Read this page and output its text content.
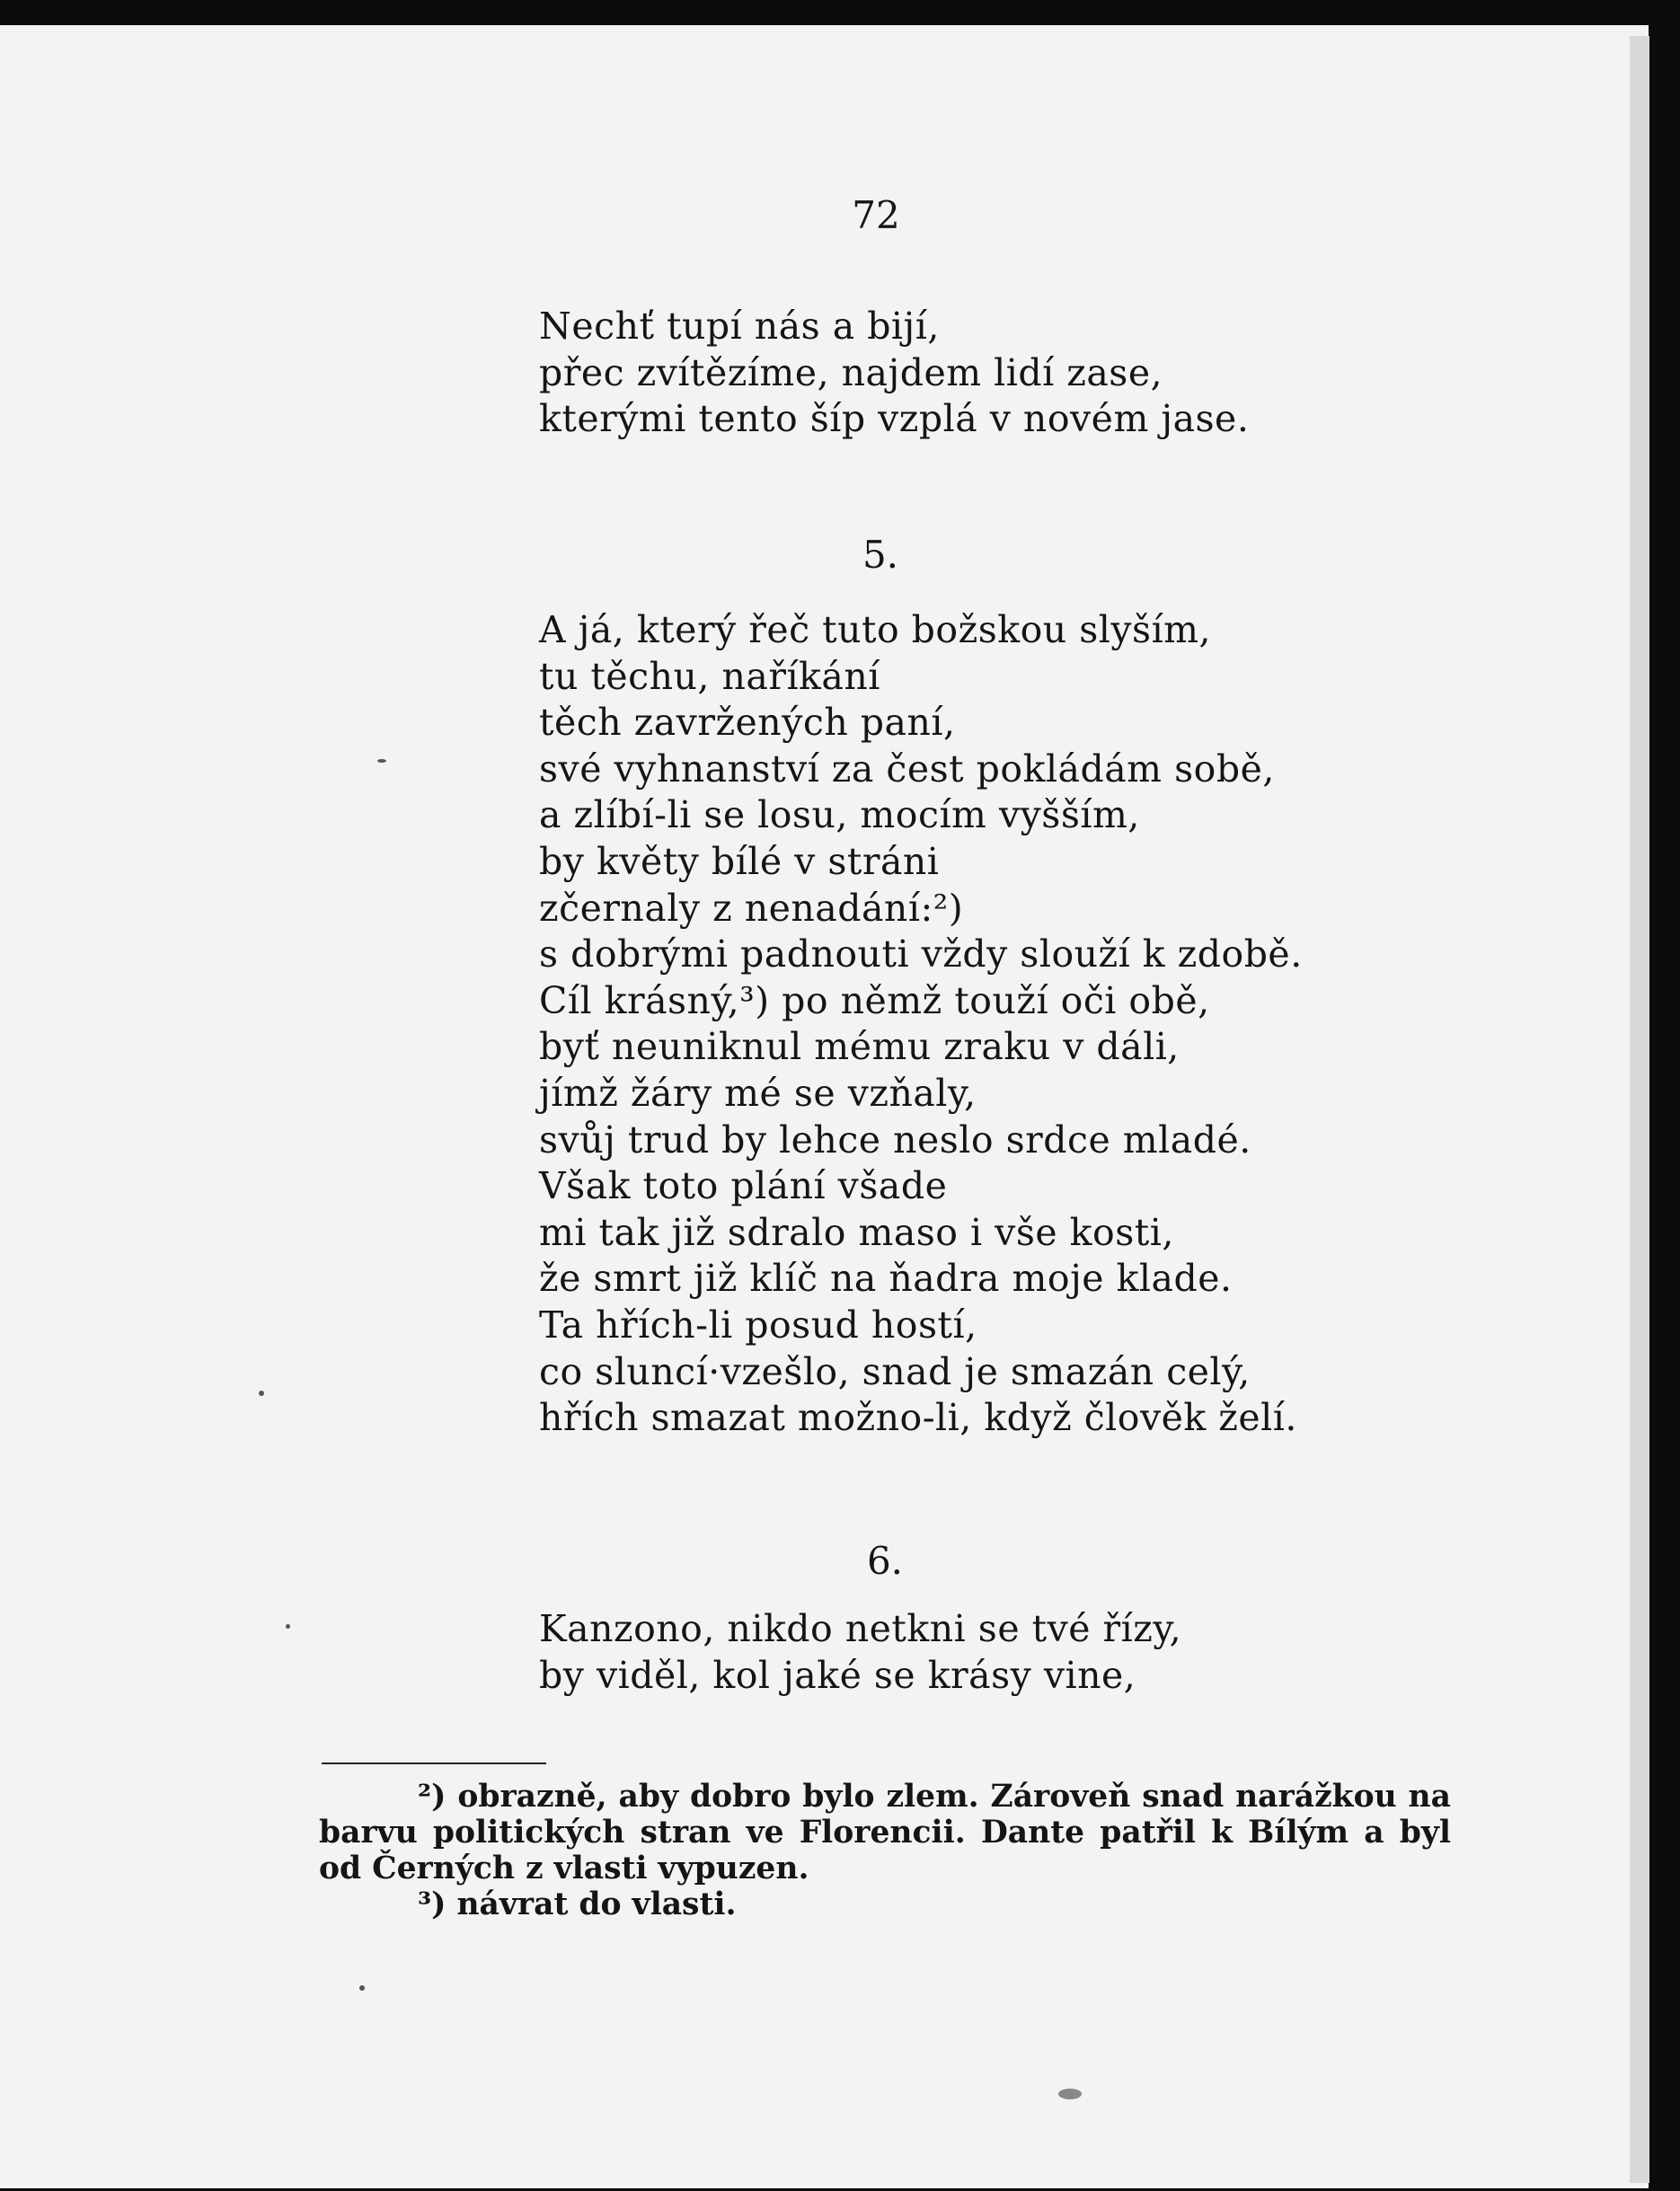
72
Nechť tupí nás a bijí,
přec zvítězíme, najdem lidí zase,
kterými tento šíp vzplá v novém jase.
5.
A já, který řeč tuto božskou slyším,
tu těchu, naříkání
těch zavržených paní,
své vyhnanství za čest pokládám sobě,
a zlíbí-li se losu, mocím vyšším,
by květy bílé v stráni
zčernaly z nenadání:²)
s dobrými padnouti vždy slouží k zdobě.
Cíl krásný,³) po němž touží oči obě,
byť neuniknul mému zraku v dáli,
jímž žáry mé se vzňaly,
svůj trud by lehce neslo srdce mladé.
Však toto plání všade
mi tak již sdralo maso i vše kosti,
že smrt již klíč na ňadra moje klade.
Ta hřích-li posud hostí,
co sluncí·vzešlo, snad je smazán celý,
hřích smazat možno-li, když člověk želí.
6.
Kanzono, nikdo netkni se tvé řízy,
by viděl, kol jaké se krásy vine,

²) obrazně, aby dobro bylo zlem. Zároveň snad narážkou na barvu politických stran ve Florencii. Dante patřil k Bílým a byl od Černých z vlasti vypuzen.

³) návrat do vlasti.
